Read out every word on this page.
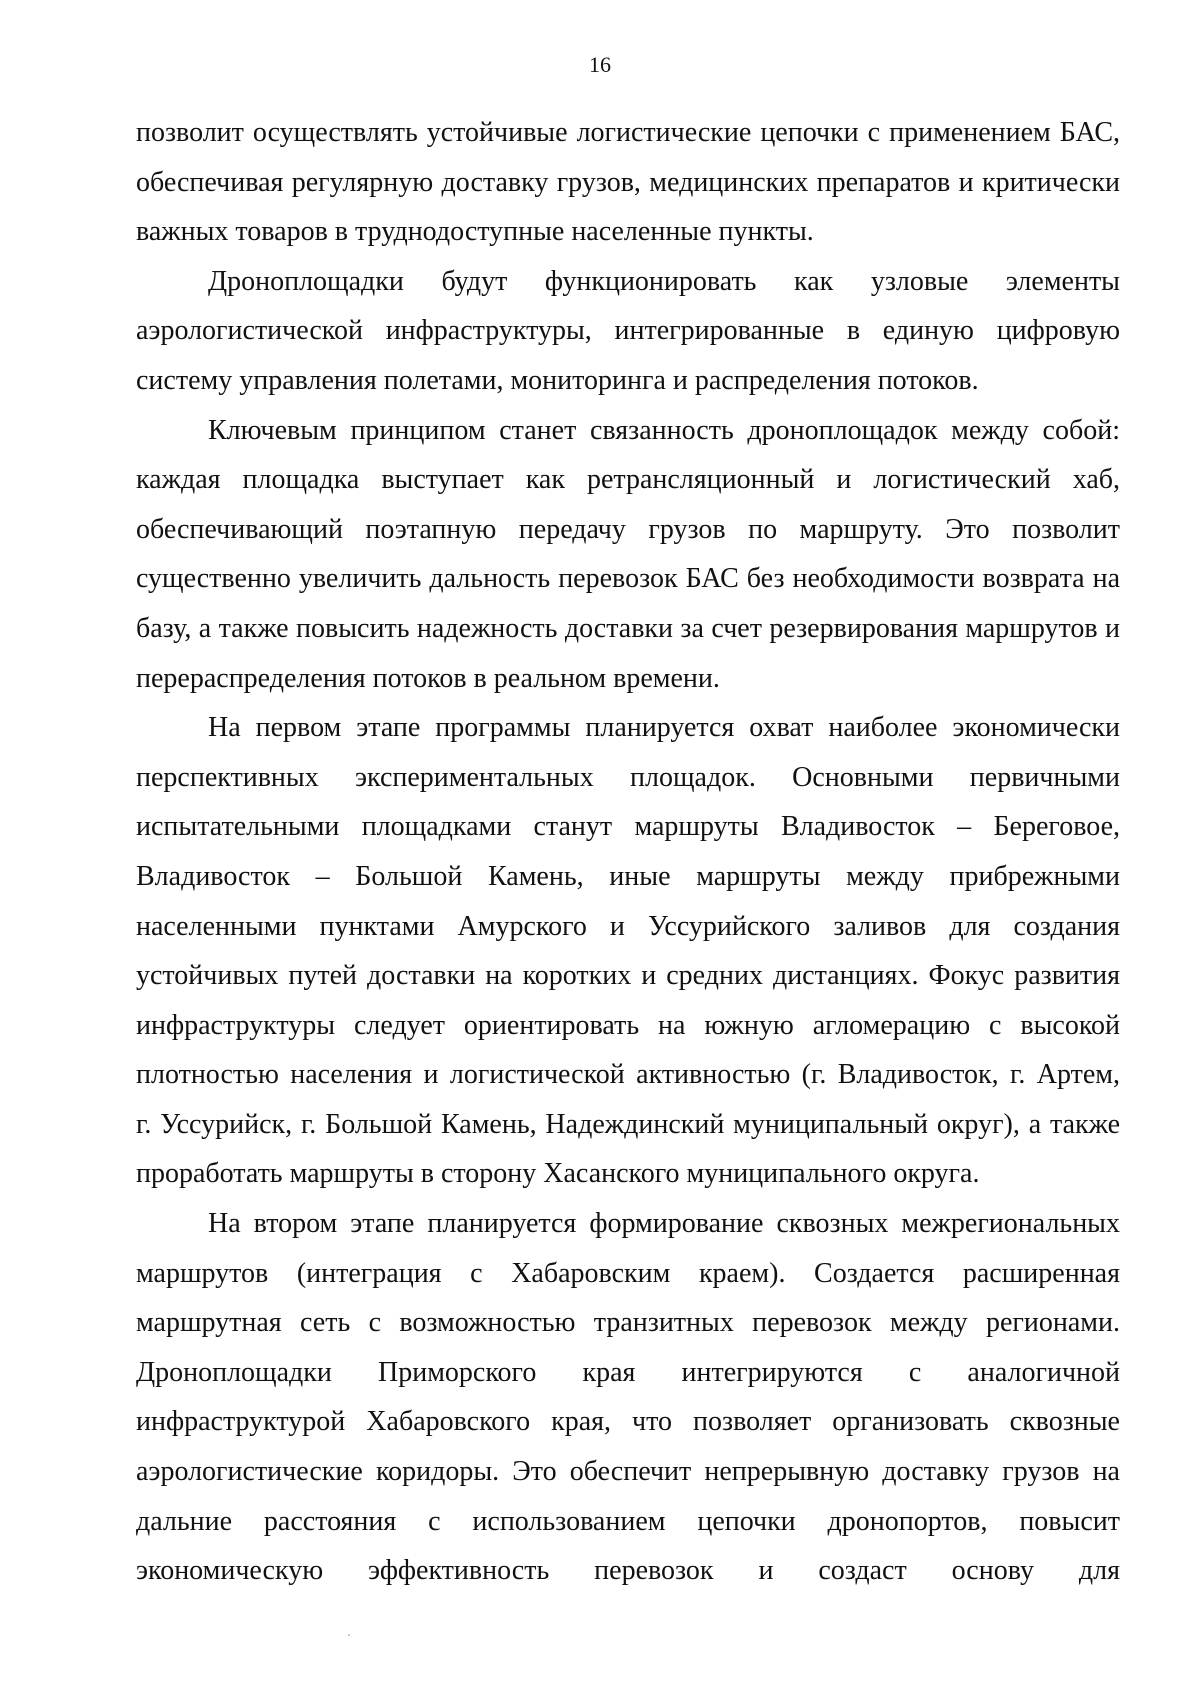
16
позволит осуществлять устойчивые логистические цепочки с применением БАС,
обеспечивая регулярную доставку грузов, медицинских препаратов и критически
важных товаров в труднодоступные населенные пункты.
Дроноплощадки будут функционировать как узловые элементы
аэрологистической инфраструктуры, интегрированные в единую цифровую
систему управления полетами, мониторинга и распределения потоков.
Ключевым принципом станет связанность дроноплощадок между собой:
каждая площадка выступает как ретрансляционный и логистический хаб,
обеспечивающий поэтапную передачу грузов по маршруту. Это позволит
существенно увеличить дальность перевозок БАС без необходимости возврата на
базу, а также повысить надежность доставки за счет резервирования маршрутов и
перераспределения потоков в реальном времени.
На первом этапе программы планируется охват наиболее экономически
перспективных экспериментальных площадок. Основными первичными
испытательными площадками станут маршруты Владивосток – Береговое,
Владивосток – Большой Камень, иные маршруты между прибрежными
населенными пунктами Амурского и Уссурийского заливов для создания
устойчивых путей доставки на коротких и средних дистанциях. Фокус развития
инфраструктуры следует ориентировать на южную агломерацию с высокой
плотностью населения и логистической активностью (г. Владивосток, г. Артем,
г. Уссурийск, г. Большой Камень, Надеждинский муниципальный округ), а также
проработать маршруты в сторону Хасанского муниципального округа.
На втором этапе планируется формирование сквозных межрегиональных
маршрутов (интеграция с Хабаровским краем). Создается расширенная
маршрутная сеть с возможностью транзитных перевозок между регионами.
Дроноплощадки Приморского края интегрируются с аналогичной
инфраструктурой Хабаровского края, что позволяет организовать сквозные
аэрологистические коридоры. Это обеспечит непрерывную доставку грузов на
дальние расстояния с использованием цепочки дронопортов, повысит
экономическую эффективность перевозок и создаст основу для
